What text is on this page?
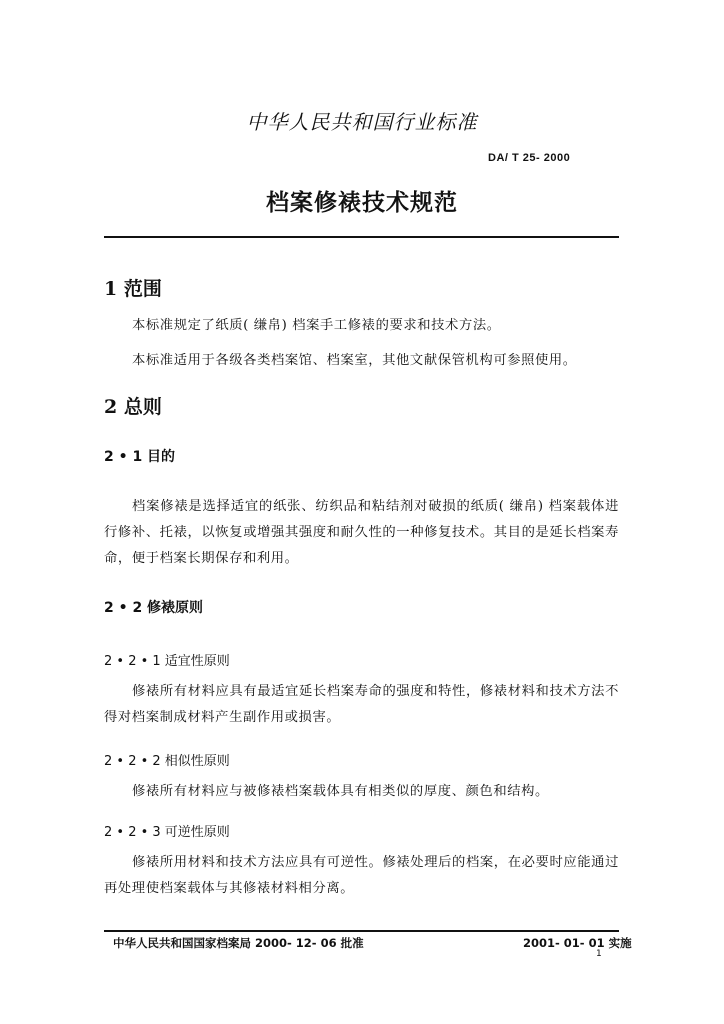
中华人民共和国行业标准
DA/ T 25- 2000
档案修裱技术规范
1 范围
本标准规定了纸质( 缣帛) 档案手工修裱的要求和技术方法。
本标准适用于各级各类档案馆、档案室，其他文献保管机构可参照使用。
2 总则
2 • 1 目的
档案修裱是选择适宜的纸张、纺织品和粘结剂对破损的纸质( 缣帛) 档案载体进行修补、托裱，以恢复或增强其强度和耐久性的一种修复技术。其目的是延长档案寿命，便于档案长期保存和利用。
2 • 2 修裱原则
2 • 2 • 1 适宜性原则
修裱所有材料应具有最适宜延长档案寿命的强度和特性，修裱材料和技术方法不得对档案制成材料产生副作用或损害。
2 • 2 • 2 相似性原则
修裱所有材料应与被修裱档案载体具有相类似的厚度、颜色和结构。
2 • 2 • 3 可逆性原则
修裱所用材料和技术方法应具有可逆性。修裱处理后的档案，在必要时应能通过再处理使档案载体与其修裱材料相分离。
中华人民共和国国家档案局 2000- 12- 06 批准	2001- 01- 01 实施
1
